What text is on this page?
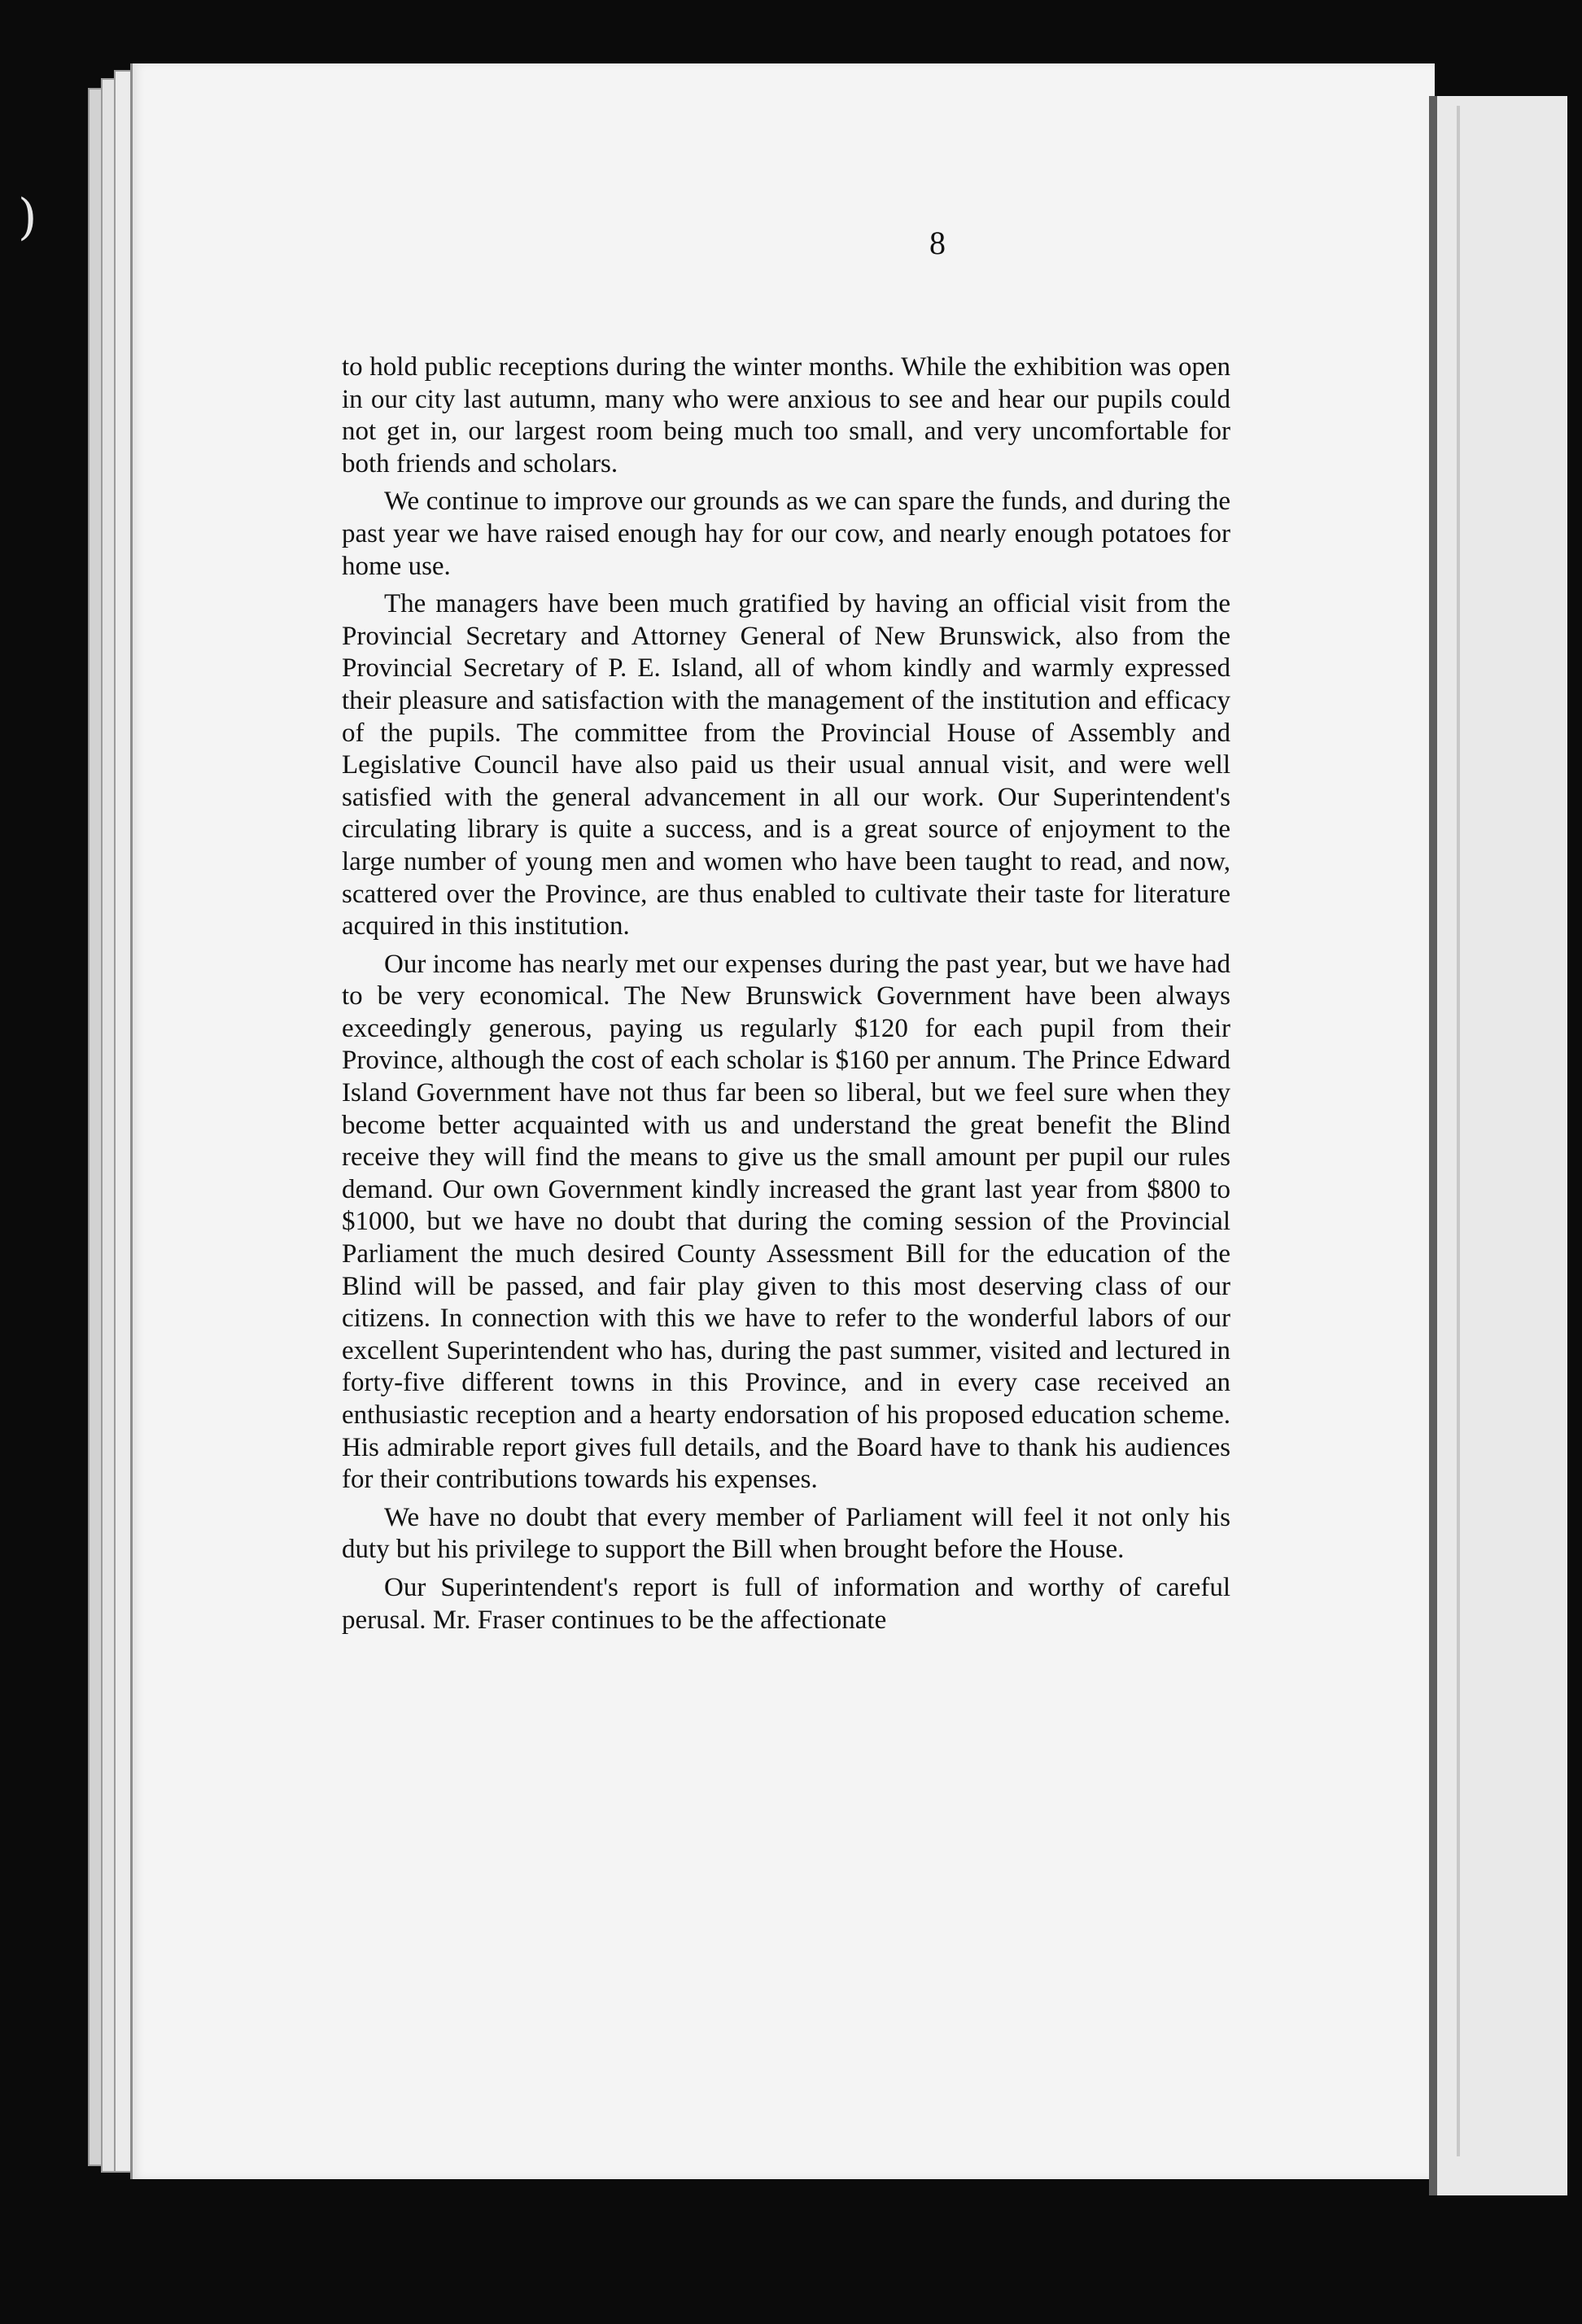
)	8

to hold public receptions during the winter months. While the exhibition was open in our city last autumn, many who were anxious to see and hear our pupils could not get in, our largest room being much too small, and very uncomfortable for both friends and scholars.

We continue to improve our grounds as we can spare the funds, and during the past year we have raised enough hay for our cow, and nearly enough potatoes for home use.

The managers have been much gratified by having an official visit from the Provincial Secretary and Attorney General of New Brunswick, also from the Provincial Secretary of P. E. Island, all of whom kindly and warmly expressed their pleasure and satisfaction with the management of the institution and efficacy of the pupils. The committee from the Provincial House of Assembly and Legislative Council have also paid us their usual annual visit, and were well satisfied with the general advancement in all our work. Our Superintendent's circulating library is quite a success, and is a great source of enjoyment to the large number of young men and women who have been taught to read, and now, scattered over the Province, are thus enabled to cultivate their taste for literature acquired in this institution.

Our income has nearly met our expenses during the past year, but we have had to be very economical. The New Brunswick Government have been always exceedingly generous, paying us regularly $120 for each pupil from their Province, although the cost of each scholar is $160 per annum. The Prince Edward Island Government have not thus far been so liberal, but we feel sure when they become better acquainted with us and understand the great benefit the Blind receive they will find the means to give us the small amount per pupil our rules demand. Our own Government kindly increased the grant last year from $800 to $1000, but we have no doubt that during the coming session of the Provincial Parliament the much desired County Assessment Bill for the education of the Blind will be passed, and fair play given to this most deserving class of our citizens. In connection with this we have to refer to the wonderful labors of our excellent Superintendent who has, during the past summer, visited and lectured in forty-five different towns in this Province, and in every case received an enthusiastic reception and a hearty endorsation of his proposed education scheme. His admirable report gives full details, and the Board have to thank his audiences for their contributions towards his expenses.

We have no doubt that every member of Parliament will feel it not only his duty but his privilege to support the Bill when brought before the House.

Our Superintendent's report is full of information and worthy of careful perusal. Mr. Fraser continues to be the affectionate
